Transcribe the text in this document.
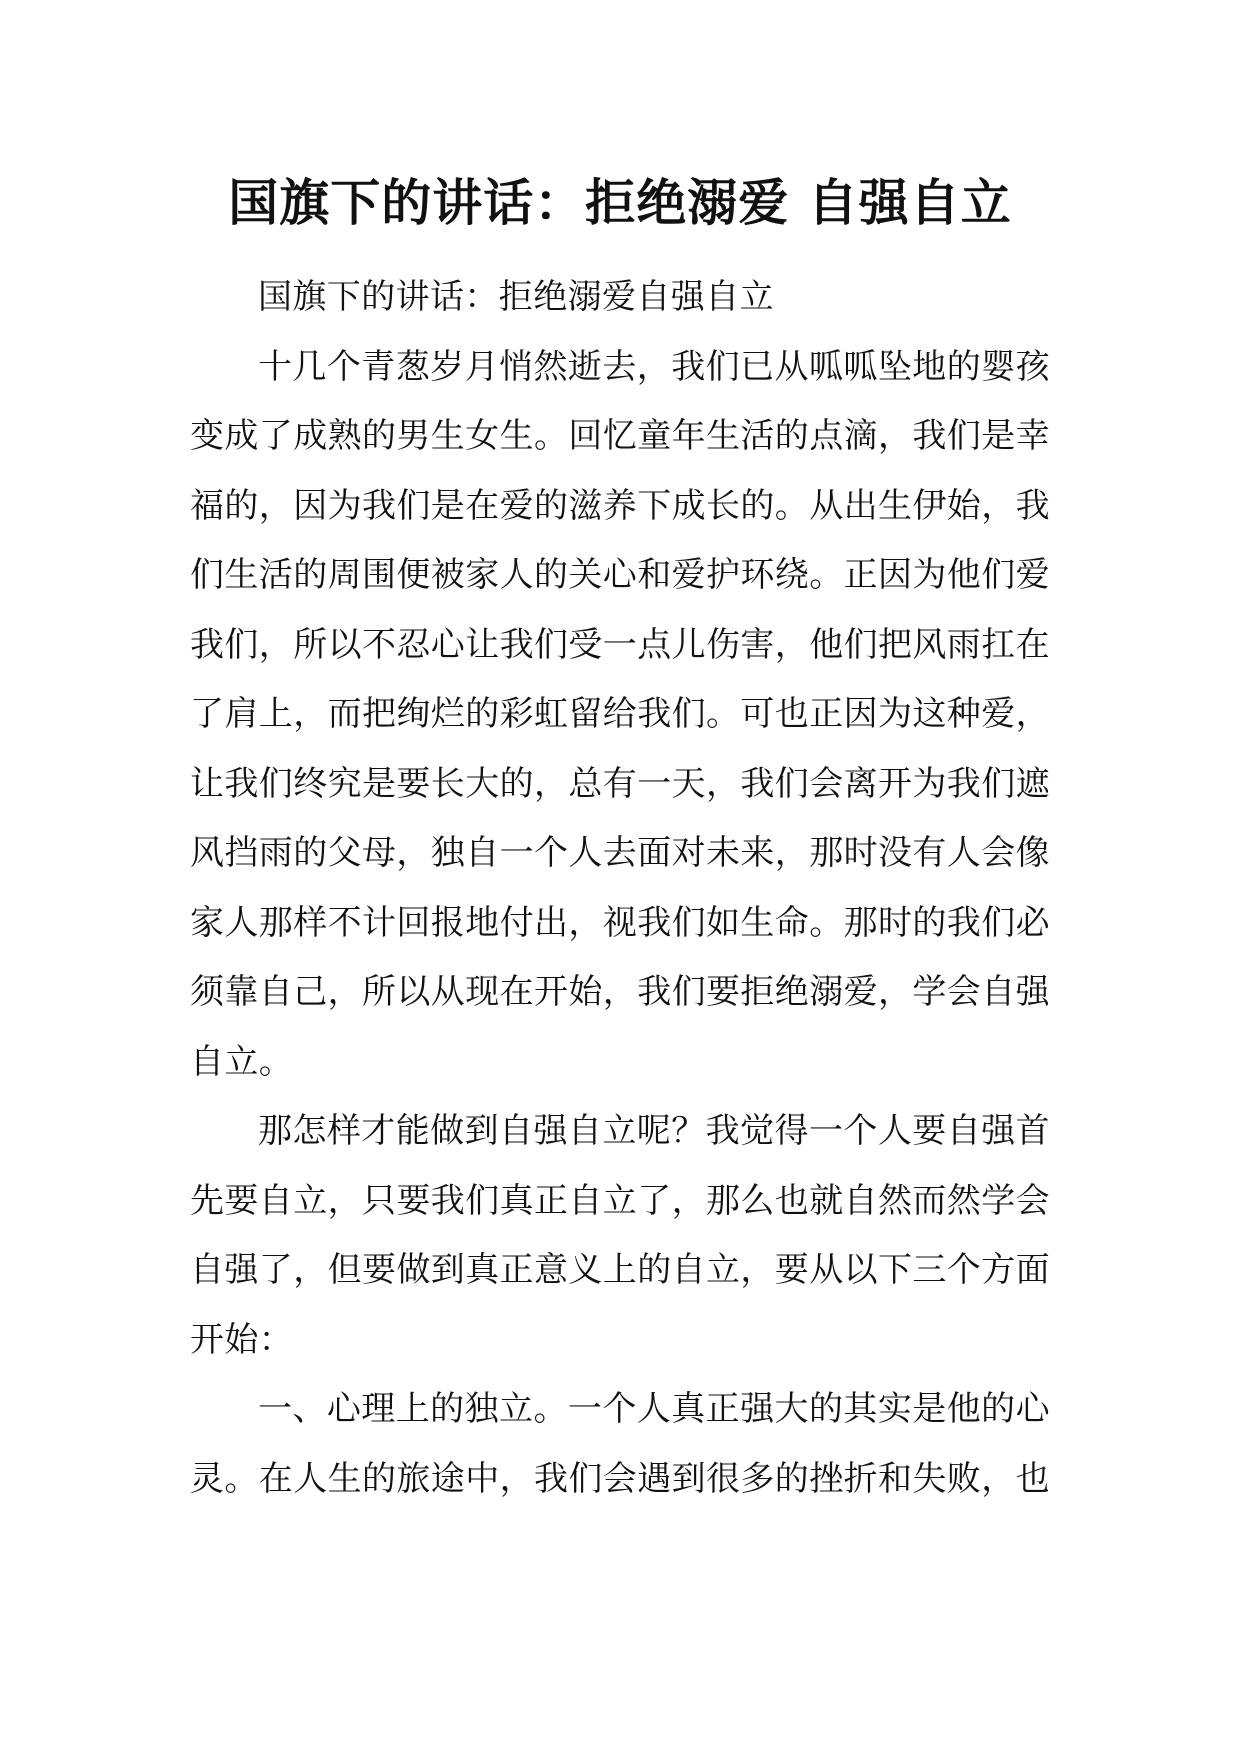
国旗下的讲话：拒绝溺爱 自强自立

国旗下的讲话：拒绝溺爱自强自立

十几个青葱岁月悄然逝去，我们已从呱呱坠地的婴孩变成了成熟的男生女生。回忆童年生活的点滴，我们是幸福的，因为我们是在爱的滋养下成长的。从出生伊始，我们生活的周围便被家人的关心和爱护环绕。正因为他们爱我们，所以不忍心让我们受一点儿伤害，他们把风雨扛在了肩上，而把绚烂的彩虹留给我们。可也正因为这种爱，让我们终究是要长大的，总有一天，我们会离开为我们遮风挡雨的父母，独自一个人去面对未来，那时没有人会像家人那样不计回报地付出，视我们如生命。那时的我们必须靠自己，所以从现在开始，我们要拒绝溺爱，学会自强自立。

那怎样才能做到自强自立呢？我觉得一个人要自强首先要自立，只要我们真正自立了，那么也就自然而然学会自强了，但要做到真正意义上的自立，要从以下三个方面开始：

一、心理上的独立。一个人真正强大的其实是他的心灵。在人生的旅途中，我们会遇到很多的挫折和失败，也
